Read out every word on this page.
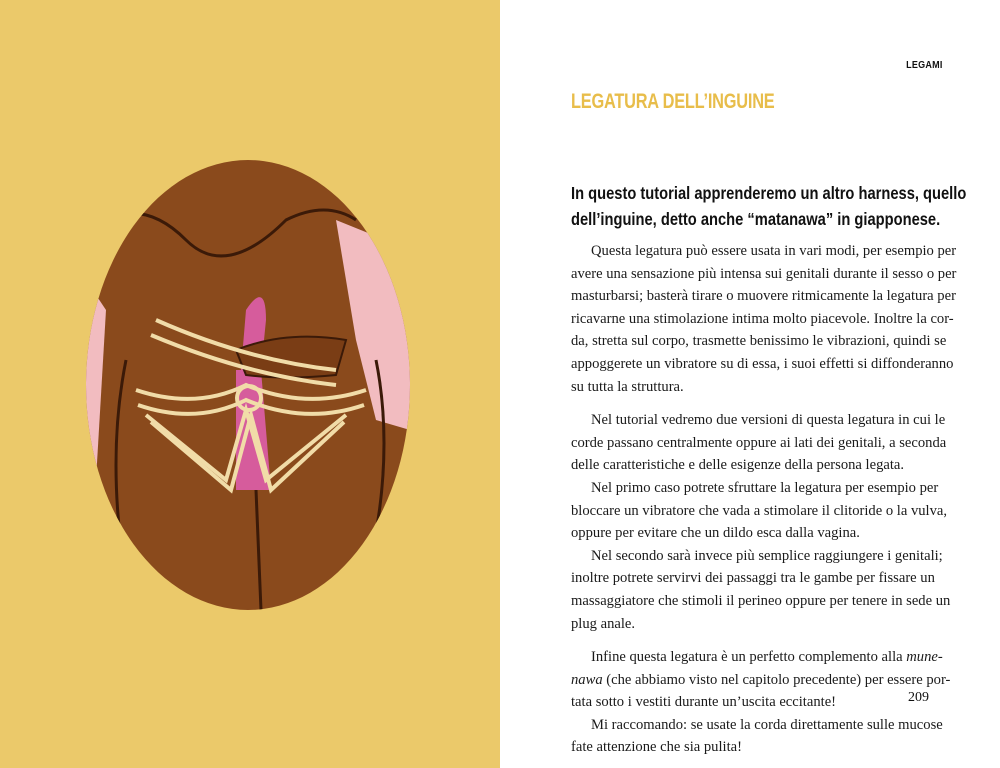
LEGAMI
LEGATURA DELL’INGUINE
In questo tutorial apprenderemo un altro harness, quello
dell’inguine, detto anche “matanawa” in giapponese.
Questa legatura può essere usata in vari modi, per esempio per
avere una sensazione più intensa sui genitali durante il sesso o per
masturbarsi; basterà tirare o muovere ritmicamente la legatura per
ricavarne una stimolazione intima molto piacevole. Inoltre la cor-
da, stretta sul corpo, trasmette benissimo le vibrazioni, quindi se
appoggerete un vibratore su di essa, i suoi effetti si diffonderanno
su tutta la struttura.
Nel tutorial vedremo due versioni di questa legatura in cui le
corde passano centralmente oppure ai lati dei genitali, a seconda
delle caratteristiche e delle esigenze della persona legata.
Nel primo caso potrete sfruttare la legatura per esempio per
bloccare un vibratore che vada a stimolare il clitoride o la vulva,
oppure per evitare che un dildo esca dalla vagina.
Nel secondo sarà invece più semplice raggiungere i genitali;
inoltre potrete servirvi dei passaggi tra le gambe per fissare un
massaggiatore che stimoli il perineo oppure per tenere in sede un
plug anale.
Infine questa legatura è un perfetto complemento alla mune-
nawa (che abbiamo visto nel capitolo precedente) per essere por-
tata sotto i vestiti durante un’uscita eccitante!
Mi raccomando: se usate la corda direttamente sulle mucose
fate attenzione che sia pulita!
209
